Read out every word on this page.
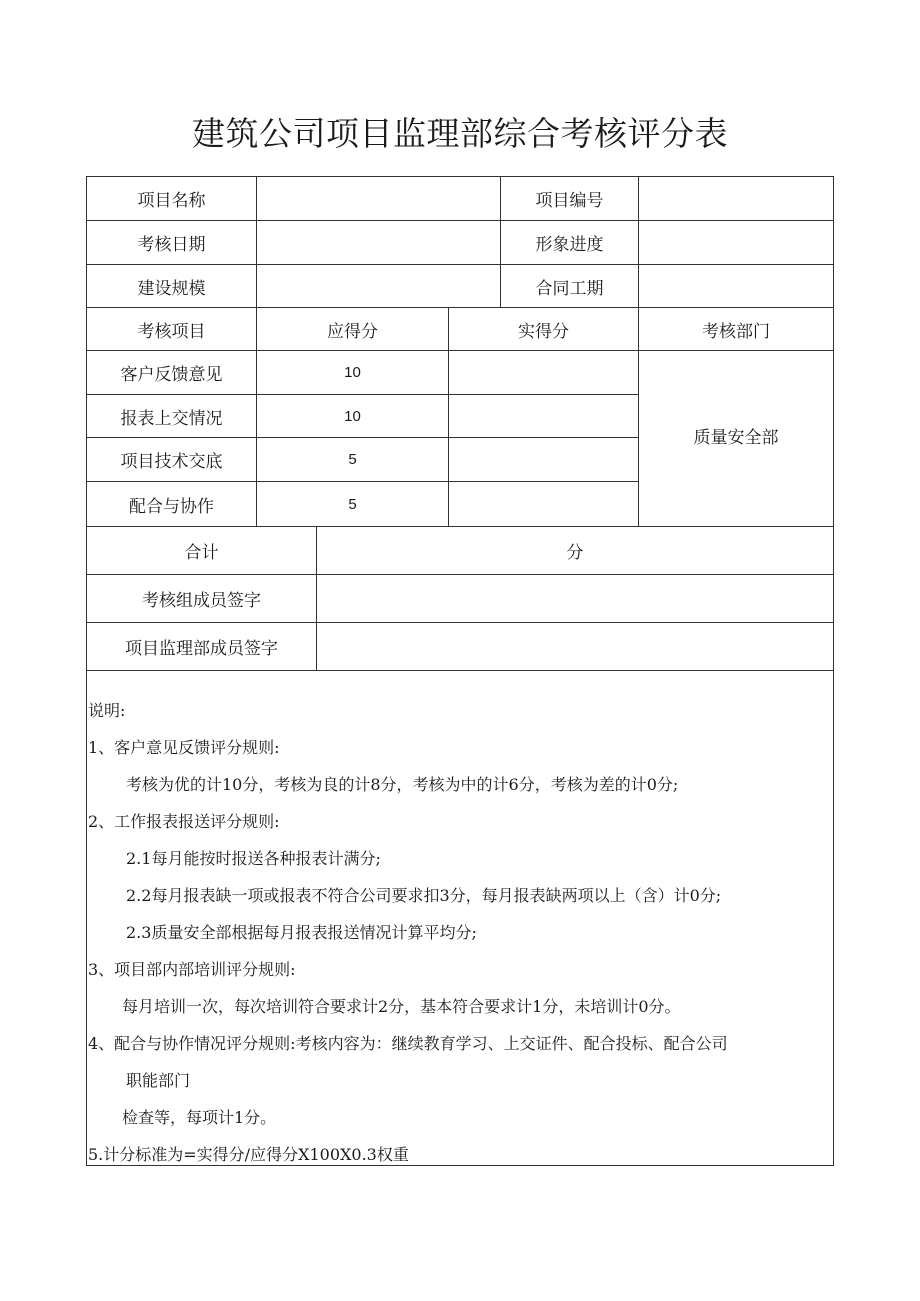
建筑公司项目监理部综合考核评分表
项目名称	项目编号
考核日期	形象进度
建设规模	合同工期
考核项目	应得分	实得分	考核部门
客户反馈意见	10
报表上交情况	10
项目技术交底	5
配合与协作	5
质量安全部
合计	分
考核组成员签字
项目监理部成员签字
说明:
1、客户意见反馈评分规则:
考核为优的计10分，考核为良的计8分，考核为中的计6分，考核为差的计0分;
2、工作报表报送评分规则:
2.1每月能按时报送各种报表计满分;
2.2每月报表缺一项或报表不符合公司要求扣3分，每月报表缺两项以上（含）计0分;
2.3质量安全部根据每月报表报送情况计算平均分;
3、项目部内部培训评分规则:
每月培训一次，每次培训符合要求计2分，基本符合要求计1分，未培训计0分。
4、配合与协作情况评分规则:考核内容为：继续教育学习、上交证件、配合投标、配合公司
职能部门
检查等，每项计1分。
5.计分标准为=实得分/应得分X100X0.3权重
